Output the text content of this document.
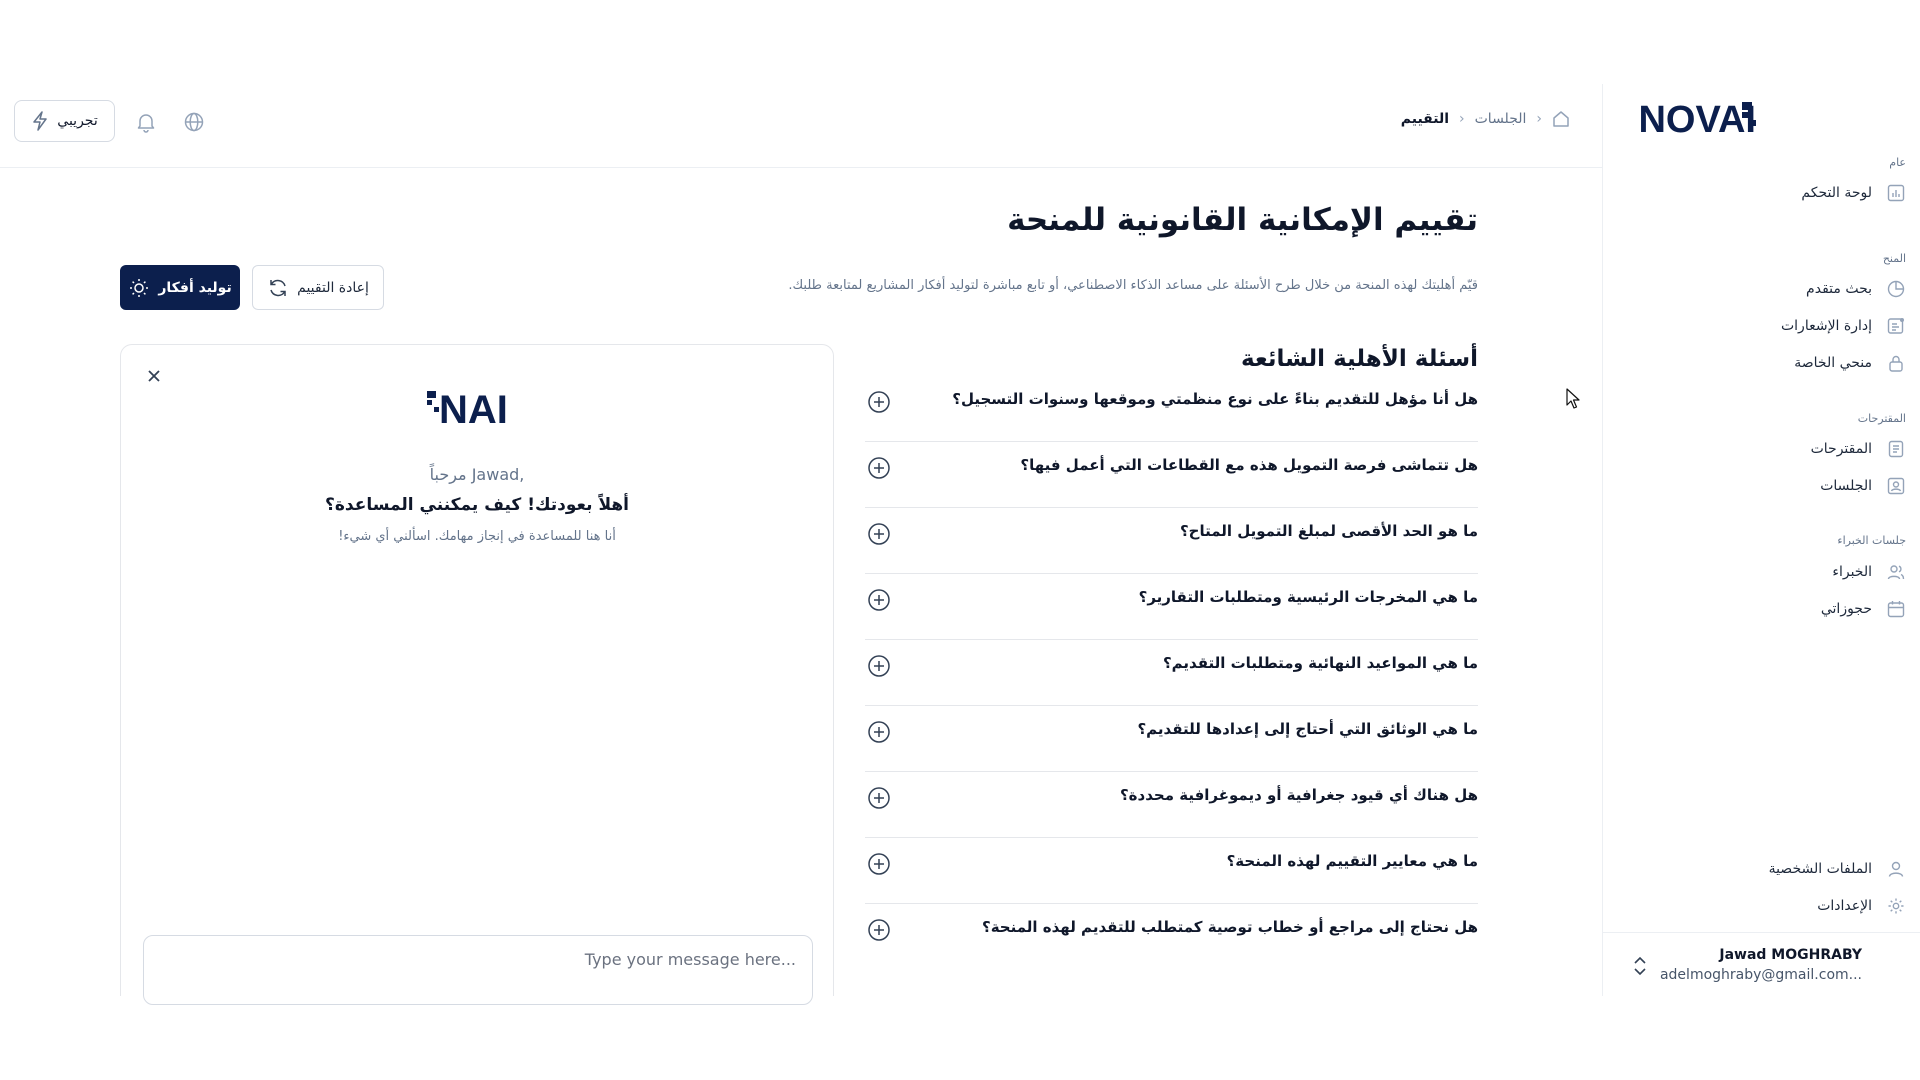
NOVAI
عام
لوحة التحكم
المنح
بحث متقدم
إدارة الإشعارات
منحي الخاصة
المقترحات
المقترحات
الجلسات
جلسات الخبراء
الخبراء
حجوزاتي
الملفات الشخصية
الإعدادات
Jawad MOGHRABY
adelmoghraby@gmail.com...
تجريبي	‹
الجلسات
‹
التقييم
تقييم الإمكانية القانونية للمنحة

قيّم أهليتك لهذه المنحة من خلال طرح الأسئلة على مساعد الذكاء الاصطناعي، أو تابع مباشرة لتوليد أفكار المشاريع لمتابعة طلبك.

توليد أفكار	إعادة التقييم
أسئلة الأهلية الشائعة
هل أنا مؤهل للتقديم بناءً على نوع منظمتي وموقعها وسنوات التسجيل؟
هل تتماشى فرصة التمويل هذه مع القطاعات التي أعمل فيها؟
ما هو الحد الأقصى لمبلغ التمويل المتاح؟
ما هي المخرجات الرئيسية ومتطلبات التقارير؟
ما هي المواعيد النهائية ومتطلبات التقديم؟
ما هي الوثائق التي أحتاج إلى إعدادها للتقديم؟
هل هناك أي قيود جغرافية أو ديموغرافية محددة؟
ما هي معايير التقييم لهذه المنحة؟
هل نحتاج إلى مراجع أو خطاب توصية كمتطلب للتقديم لهذه المنحة؟
NAI
مرحباً Jawad,
أهلاً بعودتك! كيف يمكنني المساعدة؟
أنا هنا للمساعدة في إنجاز مهامك. اسألني أي شيء!
Type your message here...
